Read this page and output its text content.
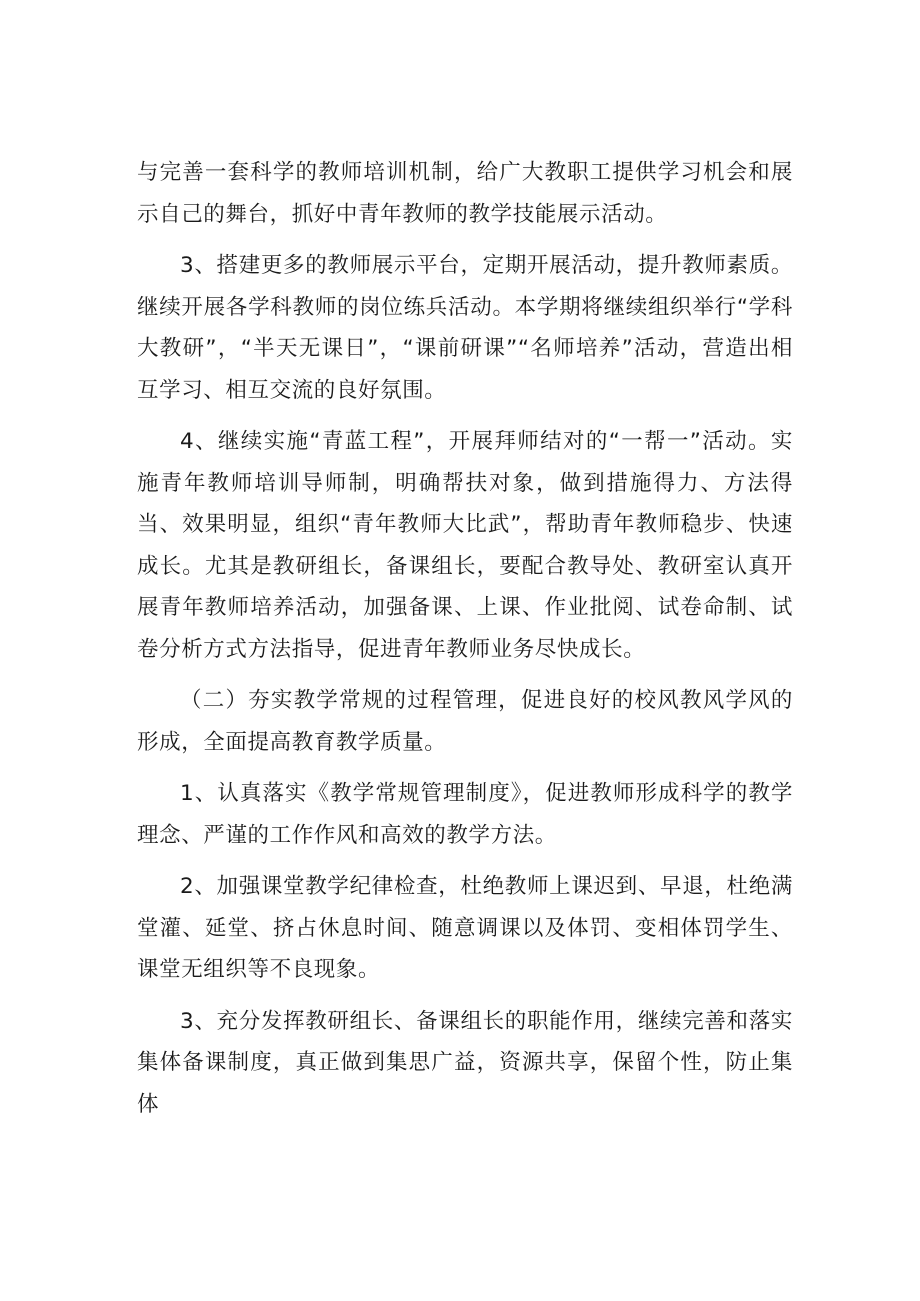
与完善一套科学的教师培训机制，给广大教职工提供学习机会和展示自己的舞台，抓好中青年教师的教学技能展示活动。

3、搭建更多的教师展示平台，定期开展活动，提升教师素质。继续开展各学科教师的岗位练兵活动。本学期将继续组织举行“学科大教研”，“半天无课日”，“课前研课”“名师培养”活动，营造出相互学习、相互交流的良好氛围。

4、继续实施“青蓝工程”，开展拜师结对的“一帮一”活动。实施青年教师培训导师制，明确帮扶对象，做到措施得力、方法得当、效果明显，组织“青年教师大比武”，帮助青年教师稳步、快速成长。尤其是教研组长，备课组长，要配合教导处、教研室认真开展青年教师培养活动，加强备课、上课、作业批阅、试卷命制、试卷分析方式方法指导，促进青年教师业务尽快成长。

（二）夯实教学常规的过程管理，促进良好的校风教风学风的形成，全面提高教育教学质量。

1、认真落实《教学常规管理制度》，促进教师形成科学的教学理念、严谨的工作作风和高效的教学方法。

2、加强课堂教学纪律检查，杜绝教师上课迟到、早退，杜绝满堂灌、延堂、挤占休息时间、随意调课以及体罚、变相体罚学生、课堂无组织等不良现象。

3、充分发挥教研组长、备课组长的职能作用，继续完善和落实集体备课制度，真正做到集思广益，资源共享，保留个性，防止集体
